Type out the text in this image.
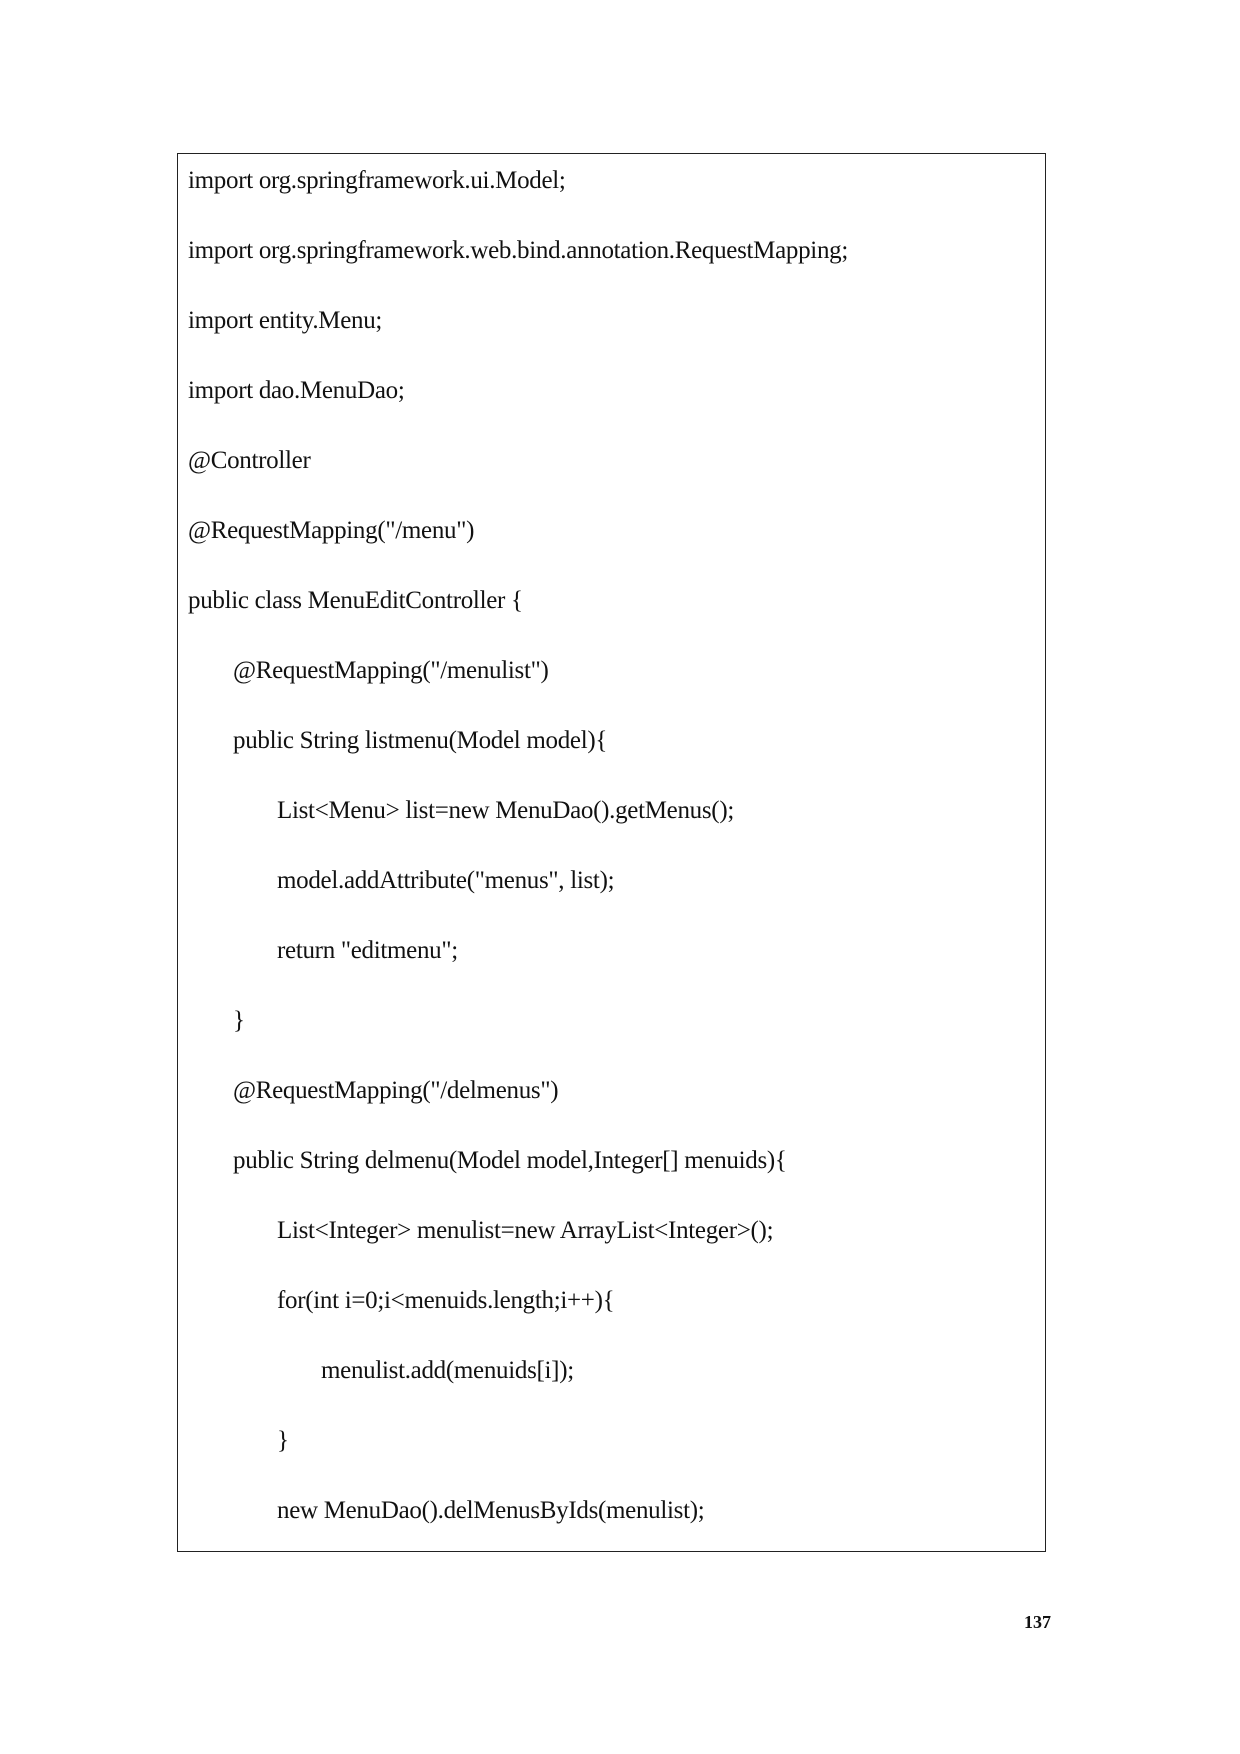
import org.springframework.ui.Model;
import org.springframework.web.bind.annotation.RequestMapping;
import entity.Menu;
import dao.MenuDao;
@Controller
@RequestMapping("/menu")
public class MenuEditController {
@RequestMapping("/menulist")
public String listmenu(Model model){
List<Menu> list=new MenuDao().getMenus();
model.addAttribute("menus", list);
return "editmenu";
}
@RequestMapping("/delmenus")
public String delmenu(Model model,Integer[] menuids){
List<Integer> menulist=new ArrayList<Integer>();
for(int i=0;i<menuids.length;i++){
menulist.add(menuids[i]);
}
new MenuDao().delMenusByIds(menulist);
137
